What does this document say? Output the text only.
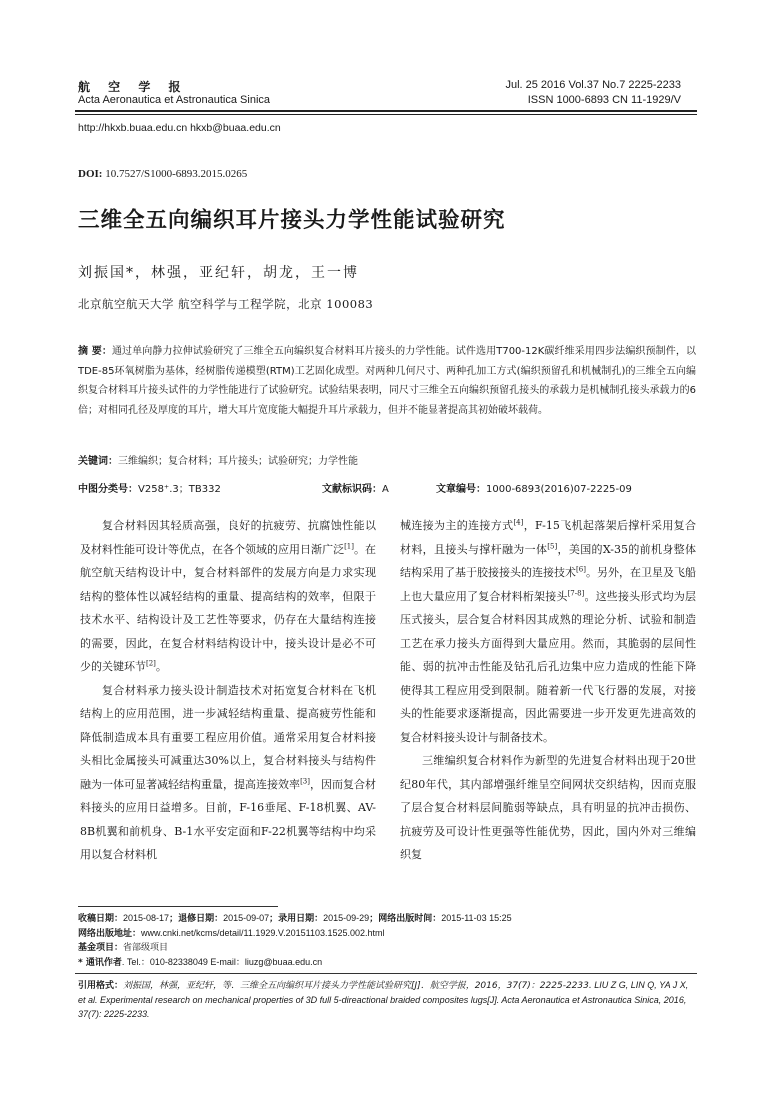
航 空 学 报
Acta Aeronautica et Astronautica Sinica
Jul. 25 2016 Vol.37 No.7 2225-2233
ISSN 1000-6893 CN 11-1929/V
http://hkxb.buaa.edu.cn hkxb@buaa.edu.cn
DOI: 10.7527/S1000-6893.2015.0265
三维全五向编织耳片接头力学性能试验研究
刘振国*，林强，亚纪轩，胡龙，王一博
北京航空航天大学 航空科学与工程学院，北京 100083
摘 要：通过单向静力拉伸试验研究了三维全五向编织复合材料耳片接头的力学性能。试件选用T700-12K碳纤维采用四步法编织预制件，以TDE-85环氧树脂为基体，经树脂传递模塑(RTM)工艺固化成型。对两种几何尺寸、两种孔加工方式(编织预留孔和机械制孔)的三维全五向编织复合材料耳片接头试件的力学性能进行了试验研究。试验结果表明，同尺寸三维全五向编织预留孔接头的承载力是机械制孔接头承载力的6倍；对相同孔径及厚度的耳片，增大耳片宽度能大幅提升耳片承载力，但并不能显著提高其初始破坏载荷。
关键词：三维编织；复合材料；耳片接头；试验研究；力学性能
中图分类号：V258⁺.3；TB332	文献标识码：A	文章编号：1000-6893(2016)07-2225-09

复合材料因其轻质高强，良好的抗疲劳、抗腐蚀性能以及材料性能可设计等优点，在各个领域的应用日渐广泛[1]。在航空航天结构设计中，复合材料部件的发展方向是力求实现结构的整体性以减轻结构的重量、提高结构的效率，但限于技术水平、结构设计及工艺性等要求，仍存在大量结构连接的需要，因此，在复合材料结构设计中，接头设计是必不可少的关键环节[2]。

复合材料承力接头设计制造技术对拓宽复合材料在飞机结构上的应用范围，进一步减轻结构重量、提高疲劳性能和降低制造成本具有重要工程应用价值。通常采用复合材料接头相比金属接头可减重达30%以上，复合材料接头与结构件融为一体可显著减轻结构重量，提高连接效率[3]，因而复合材料接头的应用日益增多。目前，F-16垂尾、F-18机翼、AV-8B机翼和前机身、B-1水平安定面和F-22机翼等结构中均采用以复合材料机

械连接为主的连接方式[4]，F-15飞机起落架后撑杆采用复合材料，且接头与撑杆融为一体[5]，美国的X-35的前机身整体结构采用了基于胶接接头的连接技术[6]。另外，在卫星及飞船上也大量应用了复合材料桁架接头[7-8]。这些接头形式均为层压式接头，层合复合材料因其成熟的理论分析、试验和制造工艺在承力接头方面得到大量应用。然而，其脆弱的层间性能、弱的抗冲击性能及钻孔后孔边集中应力造成的性能下降使得其工程应用受到限制。随着新一代飞行器的发展，对接头的性能要求逐渐提高，因此需要进一步开发更先进高效的复合材料接头设计与制备技术。

三维编织复合材料作为新型的先进复合材料出现于20世纪80年代，其内部增强纤维呈空间网状交织结构，因而克服了层合复合材料层间脆弱等缺点，具有明显的抗冲击损伤、抗疲劳及可设计性更强等性能优势，因此，国内外对三维编织复

收稿日期：2015-08-17；退修日期：2015-09-07；录用日期：2015-09-29；网络出版时间：2015-11-03 15:25
网络出版地址：www.cnki.net/kcms/detail/11.1929.V.20151103.1525.002.html
基金项目：省部级项目
* 通讯作者. Tel.：010-82338049 E-mail：liuzg@buaa.edu.cn
引用格式：刘振国，林强，亚纪轩，等．三维全五向编织耳片接头力学性能试验研究[J]．航空学报，2016，37(7)：2225-2233. LIU Z G, LIN Q, YA J X, et al. Experimental research on mechanical properties of 3D full 5-direactional braided composites lugs[J]. Acta Aeronautica et Astronautica Sinica, 2016, 37(7): 2225-2233.
